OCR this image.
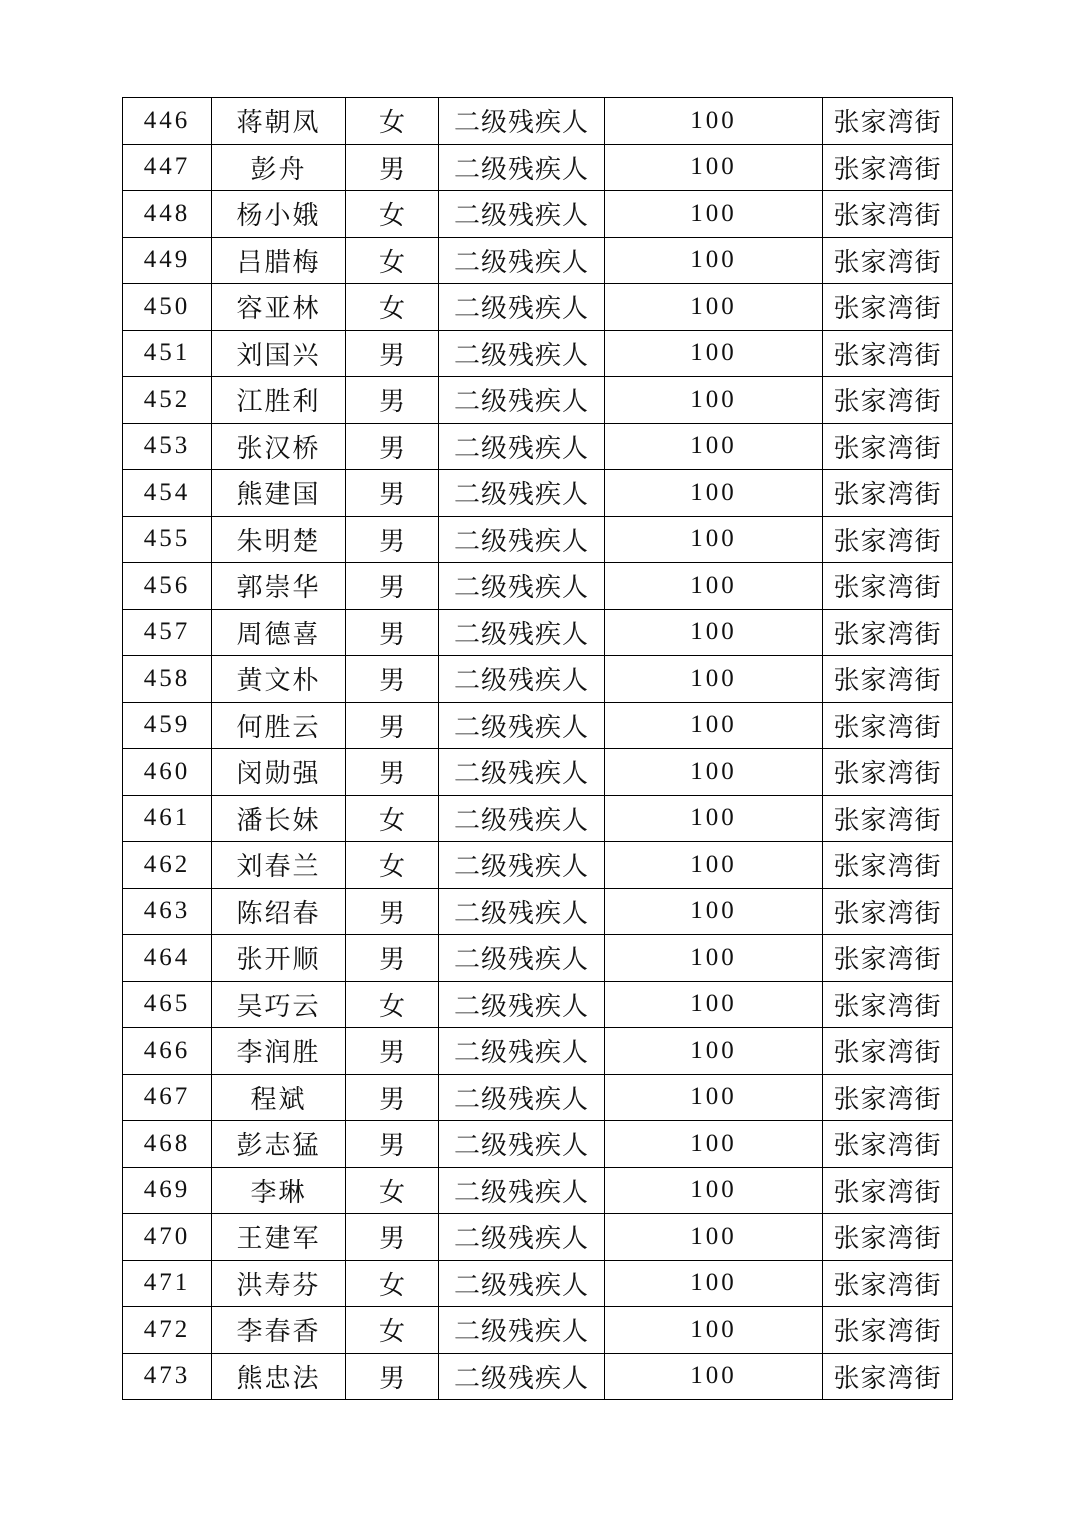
446	蒋朝凤	女	二级残疾人	100	张家湾街
447	彭舟	男	二级残疾人	100	张家湾街
448	杨小娥	女	二级残疾人	100	张家湾街
449	吕腊梅	女	二级残疾人	100	张家湾街
450	容亚林	女	二级残疾人	100	张家湾街
451	刘国兴	男	二级残疾人	100	张家湾街
452	江胜利	男	二级残疾人	100	张家湾街
453	张汉桥	男	二级残疾人	100	张家湾街
454	熊建国	男	二级残疾人	100	张家湾街
455	朱明楚	男	二级残疾人	100	张家湾街
456	郭崇华	男	二级残疾人	100	张家湾街
457	周德喜	男	二级残疾人	100	张家湾街
458	黄文朴	男	二级残疾人	100	张家湾街
459	何胜云	男	二级残疾人	100	张家湾街
460	闵勋强	男	二级残疾人	100	张家湾街
461	潘长妹	女	二级残疾人	100	张家湾街
462	刘春兰	女	二级残疾人	100	张家湾街
463	陈绍春	男	二级残疾人	100	张家湾街
464	张开顺	男	二级残疾人	100	张家湾街
465	吴巧云	女	二级残疾人	100	张家湾街
466	李润胜	男	二级残疾人	100	张家湾街
467	程斌	男	二级残疾人	100	张家湾街
468	彭志猛	男	二级残疾人	100	张家湾街
469	李琳	女	二级残疾人	100	张家湾街
470	王建军	男	二级残疾人	100	张家湾街
471	洪寿芬	女	二级残疾人	100	张家湾街
472	李春香	女	二级残疾人	100	张家湾街
473	熊忠法	男	二级残疾人	100	张家湾街
